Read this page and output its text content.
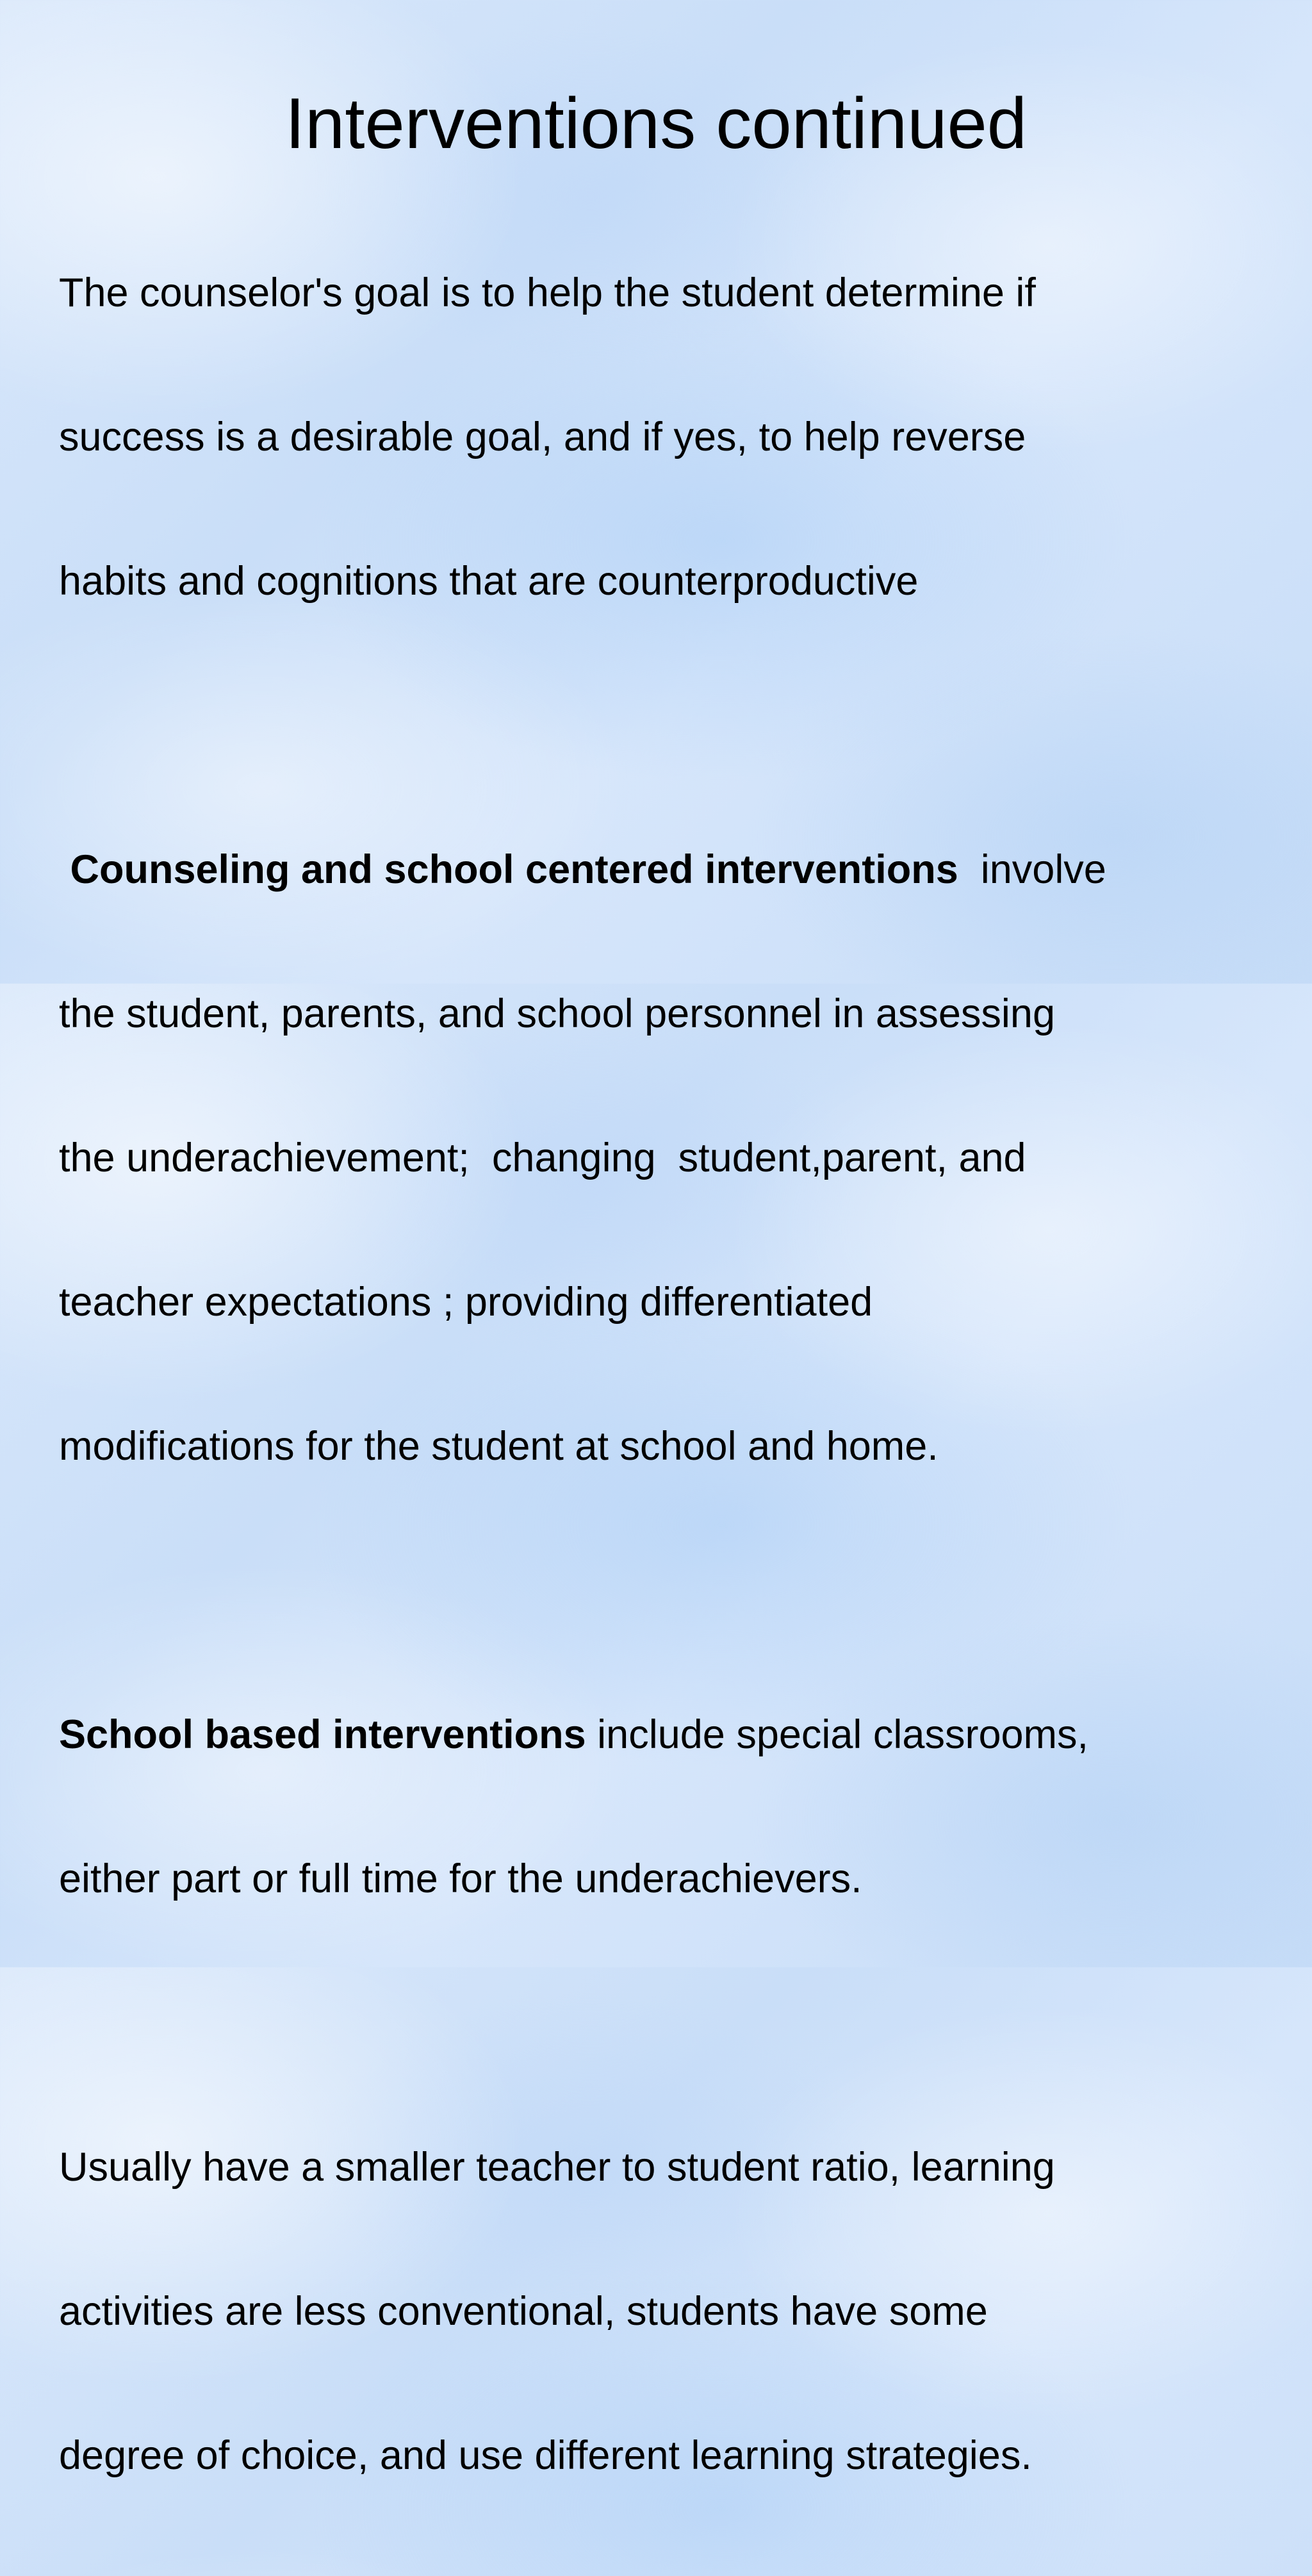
Interventions continued

The counselor's goal is to help the student determine if

success is a desirable goal, and if yes, to help reverse

habits and cognitions that are counterproductive

Counseling and school centered interventions  involve

the student, parents, and school personnel in assessing

the underachievement;  changing  student,parent, and

teacher expectations ; providing differentiated

modifications for the student at school and home.

School based interventions include special classrooms,

either part or full time for the underachievers.

Usually have a smaller teacher to student ratio, learning

activities are less conventional, students have some

degree of choice, and use different learning strategies.
